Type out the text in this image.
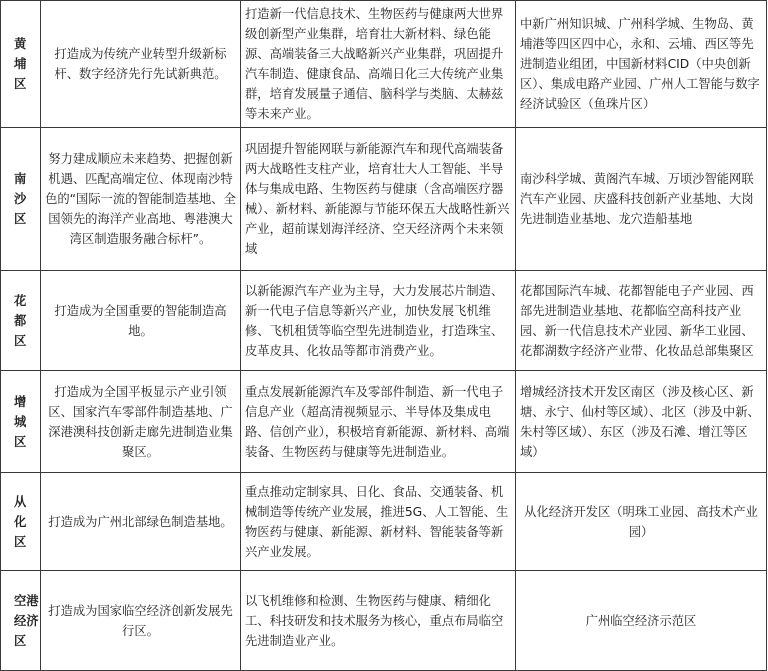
黄埔区	打造成为传统产业转型升级新标杆、数字经济先行先试新典范。	打造新一代信息技术、生物医药与健康两大世界级创新型产业集群，培育壮大新材料、绿色能源、高端装备三大战略新兴产业集群，巩固提升汽车制造、健康食品、高端日化三大传统产业集群，培育发展量子通信、脑科学与类脑、太赫兹等未来产业。	中新广州知识城、广州科学城、生物岛、黄埔港等四区四中心，永和、云埔、西区等先进制造业组团，中国新材料CID（中央创新区）、集成电路产业园、广州人工智能与数字经济试验区（鱼珠片区）

南沙区	努力建成顺应未来趋势、把握创新机遇、匹配高端定位、体现南沙特色的“国际一流的智能制造基地、全国领先的海洋产业高地、粤港澳大湾区制造服务融合标杆”。	巩固提升智能网联与新能源汽车和现代高端装备两大战略性支柱产业，培育壮大人工智能、半导体与集成电路、生物医药与健康（含高端医疗器械）、新材料、新能源与节能环保五大战略性新兴产业，超前谋划海洋经济、空天经济两个未来领域	南沙科学城、黄阁汽车城、万顷沙智能网联汽车产业园、庆盛科技创新产业基地、大岗先进制造业基地、龙穴造船基地

花都区	打造成为全国重要的智能制造高地。	以新能源汽车产业为主导，大力发展芯片制造、新一代电子信息等新兴产业，加快发展飞机维修、飞机租赁等临空型先进制造业，打造珠宝、皮革皮具、化妆品等都市消费产业。	花都国际汽车城、花都智能电子产业园、西部先进制造业基地、花都临空高科技产业园、新一代信息技术产业园、新华工业园、花都湖数字经济产业带、化妆品总部集聚区

增城区	打造成为全国平板显示产业引领区、国家汽车零部件制造基地、广深港澳科技创新走廊先进制造业集聚区。	重点发展新能源汽车及零部件制造、新一代电子信息产业（超高清视频显示、半导体及集成电路、信创产业），积极培育新能源、新材料、高端装备、生物医药与健康等先进制造业。	增城经济技术开发区南区（涉及核心区、新塘、永宁、仙村等区域）、北区（涉及中新、朱村等区域）、东区（涉及石滩、增江等区域）

从化区	打造成为广州北部绿色制造基地。	重点推动定制家具、日化、食品、交通装备、机械制造等传统产业发展，推进5G、人工智能、生物医药与健康、新能源、新材料、智能装备等新兴产业发展。	从化经济开发区（明珠工业园、高技术产业园）

空港经济区	打造成为国家临空经济创新发展先行区。	以飞机维修和检测、生物医药与健康、精细化工、科技研发和技术服务为核心，重点布局临空先进制造业产业。	广州临空经济示范区
